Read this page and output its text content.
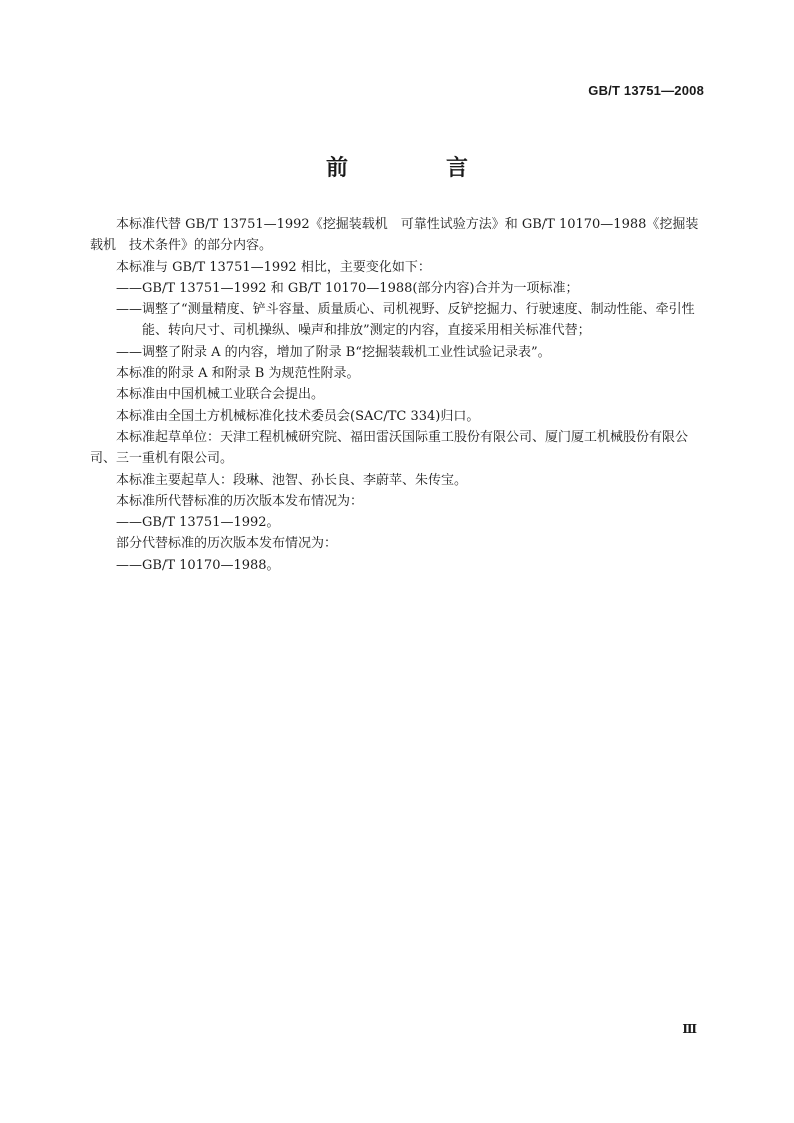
GB/T 13751—2008
前　言

本标准代替 GB/T 13751—1992《挖掘装载机　可靠性试验方法》和 GB/T 10170—1988《挖掘装载机　技术条件》的部分内容。

本标准与 GB/T 13751—1992 相比，主要变化如下：

——GB/T 13751—1992 和 GB/T 10170—1988(部分内容)合并为一项标准；

——调整了“测量精度、铲斗容量、质量质心、司机视野、反铲挖掘力、行驶速度、制动性能、牵引性能、转向尺寸、司机操纵、噪声和排放”测定的内容，直接采用相关标准代替；

——调整了附录 A 的内容，增加了附录 B“挖掘装载机工业性试验记录表”。

本标准的附录 A 和附录 B 为规范性附录。

本标准由中国机械工业联合会提出。

本标准由全国土方机械标准化技术委员会(SAC/TC 334)归口。

本标准起草单位：天津工程机械研究院、福田雷沃国际重工股份有限公司、厦门厦工机械股份有限公司、三一重机有限公司。

本标准主要起草人：段琳、池智、孙长良、李蔚苹、朱传宝。

本标准所代替标准的历次版本发布情况为：

——GB/T 13751—1992。

部分代替标准的历次版本发布情况为：

——GB/T 10170—1988。

Ⅲ
